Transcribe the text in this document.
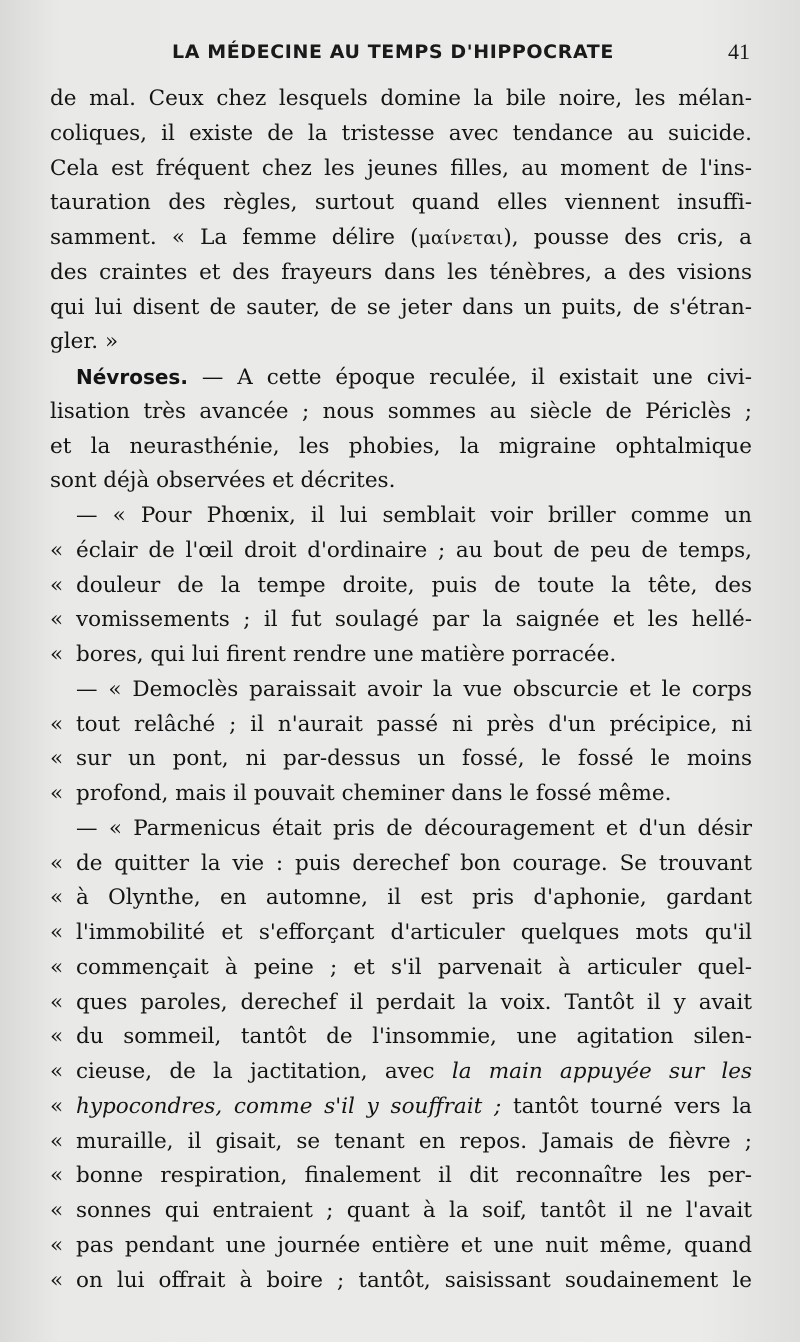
LA MÉDECINE AU TEMPS D'HIPPOCRATE	41
de mal. Ceux chez lesquels domine la bile noire, les mélan-
coliques, il existe de la tristesse avec tendance au suicide.
Cela est fréquent chez les jeunes filles, au moment de l'ins-
tauration des règles, surtout quand elles viennent insuffi-
samment. « La femme délire (μαίνεται), pousse des cris, a
des craintes et des frayeurs dans les ténèbres, a des visions
qui lui disent de sauter, de se jeter dans un puits, de s'étran-
gler. »
Névroses. — A cette époque reculée, il existait une civi-
lisation très avancée ; nous sommes au siècle de Périclès ;
et la neurasthénie, les phobies, la migraine ophtalmique
sont déjà observées et décrites.
— « Pour Phœnix, il lui semblait voir briller comme un
« éclair de l'œil droit d'ordinaire ; au bout de peu de temps,
« douleur de la tempe droite, puis de toute la tête, des
« vomissements ; il fut soulagé par la saignée et les hellé-
« bores, qui lui firent rendre une matière porracée.
— « Democlès paraissait avoir la vue obscurcie et le corps
« tout relâché ; il n'aurait passé ni près d'un précipice, ni
« sur un pont, ni par-dessus un fossé, le fossé le moins
« profond, mais il pouvait cheminer dans le fossé même.
— « Parmenicus était pris de découragement et d'un désir
« de quitter la vie : puis derechef bon courage. Se trouvant
« à Olynthe, en automne, il est pris d'aphonie, gardant
« l'immobilité et s'efforçant d'articuler quelques mots qu'il
« commençait à peine ; et s'il parvenait à articuler quel-
« ques paroles, derechef il perdait la voix. Tantôt il y avait
« du sommeil, tantôt de l'insommie, une agitation silen-
« cieuse, de la jactitation, avec la main appuyée sur les
« hypocondres, comme s'il y souffrait ; tantôt tourné vers la
« muraille, il gisait, se tenant en repos. Jamais de fièvre ;
« bonne respiration, finalement il dit reconnaître les per-
« sonnes qui entraient ; quant à la soif, tantôt il ne l'avait
« pas pendant une journée entière et une nuit même, quand
« on lui offrait à boire ; tantôt, saisissant soudainement le
